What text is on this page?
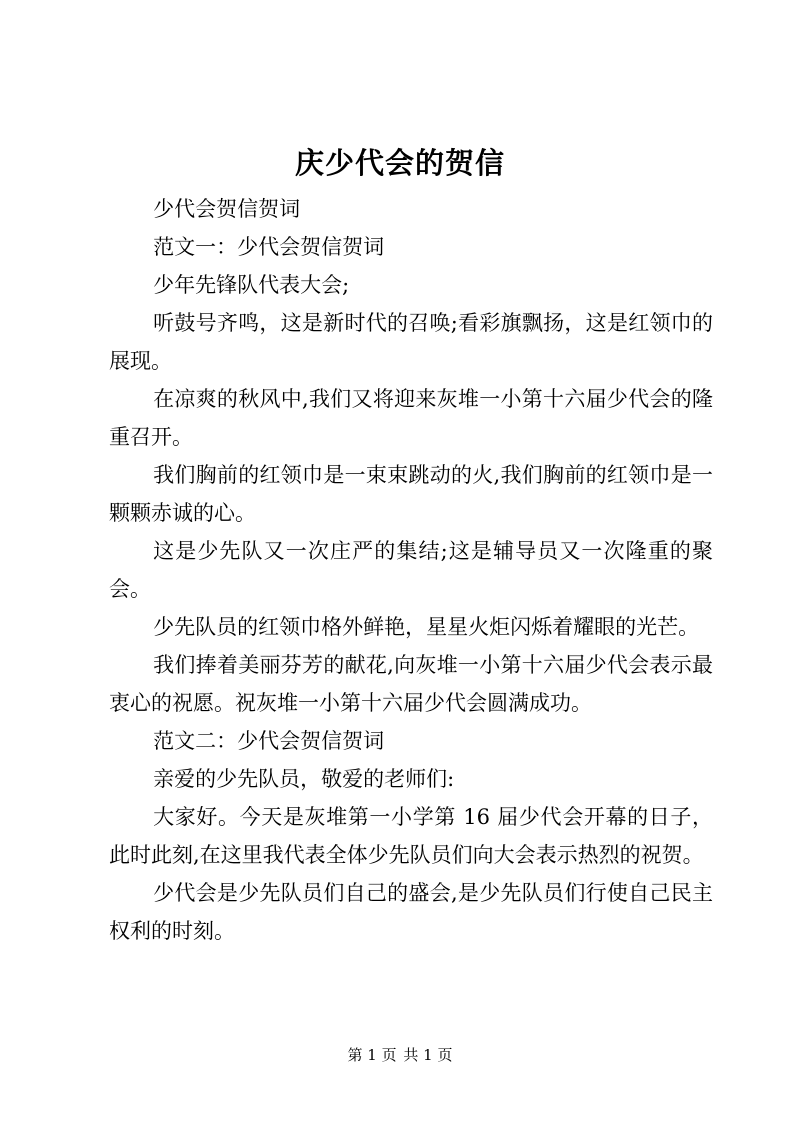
庆少代会的贺信

少代会贺信贺词

范文一：少代会贺信贺词

少年先锋队代表大会;

听鼓号齐鸣，这是新时代的召唤;看彩旗飘扬，这是红领巾的展现。

在凉爽的秋风中,我们又将迎来灰堆一小第十六届少代会的隆重召开。

我们胸前的红领巾是一束束跳动的火,我们胸前的红领巾是一颗颗赤诚的心。

这是少先队又一次庄严的集结;这是辅导员又一次隆重的聚会。

少先队员的红领巾格外鲜艳，星星火炬闪烁着耀眼的光芒。

我们捧着美丽芬芳的献花,向灰堆一小第十六届少代会表示最衷心的祝愿。祝灰堆一小第十六届少代会圆满成功。

范文二：少代会贺信贺词

亲爱的少先队员，敬爱的老师们:

大家好。今天是灰堆第一小学第 16 届少代会开幕的日子，此时此刻,在这里我代表全体少先队员们向大会表示热烈的祝贺。

少代会是少先队员们自己的盛会,是少先队员们行使自己民主权利的时刻。

第 1 页 共 1 页
